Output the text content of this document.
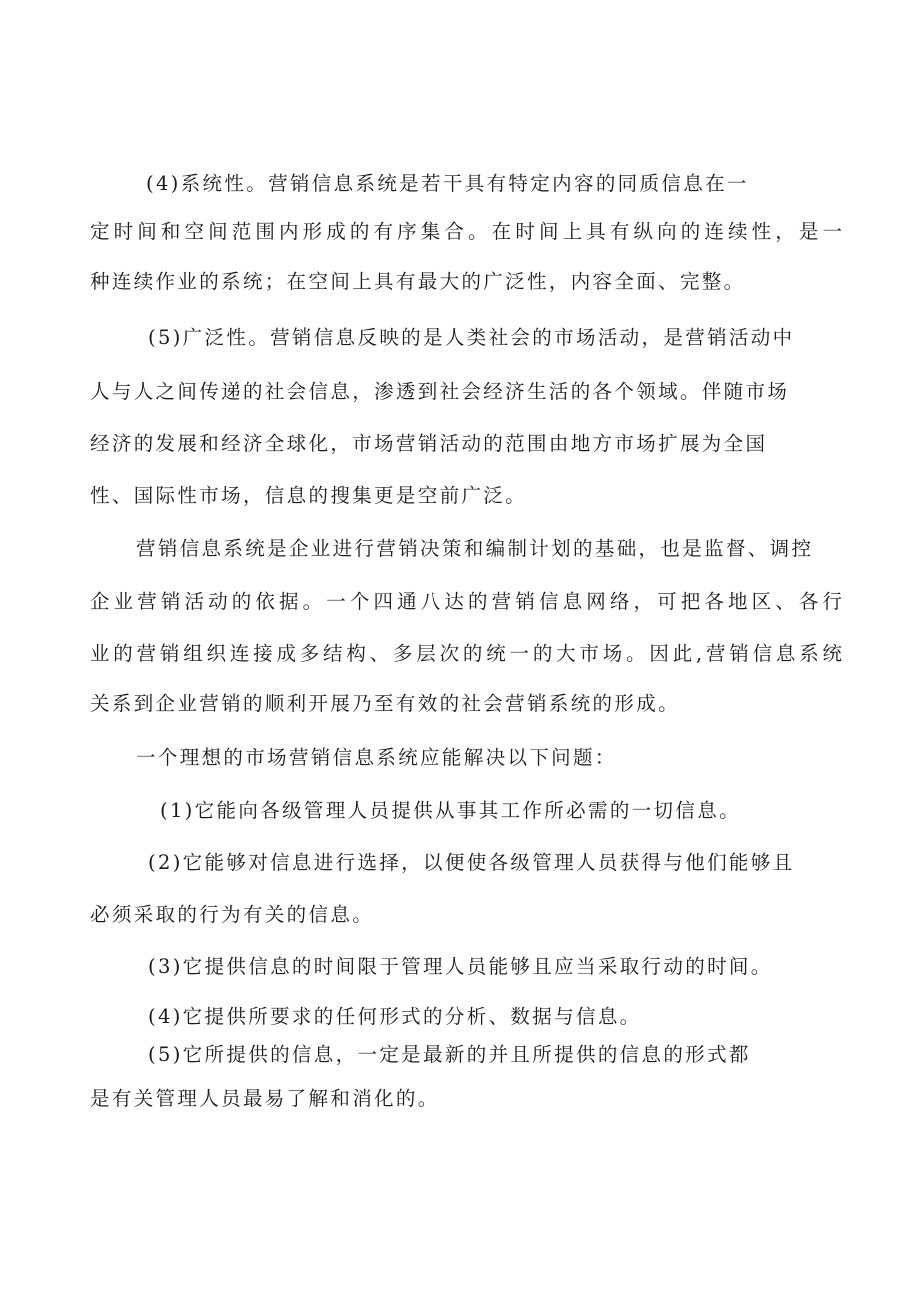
(4)系统性。营销信息系统是若干具有特定内容的同质信息在一

定时间和空间范围内形成的有序集合。在时间上具有纵向的连续性，是一

种连续作业的系统；在空间上具有最大的广泛性，内容全面、完整。

(5)广泛性。营销信息反映的是人类社会的市场活动，是营销活动中

人与人之间传递的社会信息，渗透到社会经济生活的各个领域。伴随市场

经济的发展和经济全球化，市场营销活动的范围由地方市场扩展为全国

性、国际性市场，信息的搜集更是空前广泛。

营销信息系统是企业进行营销决策和编制计划的基础，也是监督、调控

企业营销活动的依据。一个四通八达的营销信息网络，可把各地区、各行

业的营销组织连接成多结构、多层次的统一的大市场。因此,营销信息系统

关系到企业营销的顺利开展乃至有效的社会营销系统的形成。

一个理想的市场营销信息系统应能解决以下问题：

(1)它能向各级管理人员提供从事其工作所必需的一切信息。

(2)它能够对信息进行选择，以便使各级管理人员获得与他们能够且

必须采取的行为有关的信息。

(3)它提供信息的时间限于管理人员能够且应当采取行动的时间。

(4)它提供所要求的任何形式的分析、数据与信息。

(5)它所提供的信息，一定是最新的并且所提供的信息的形式都

是有关管理人员最易了解和消化的。
